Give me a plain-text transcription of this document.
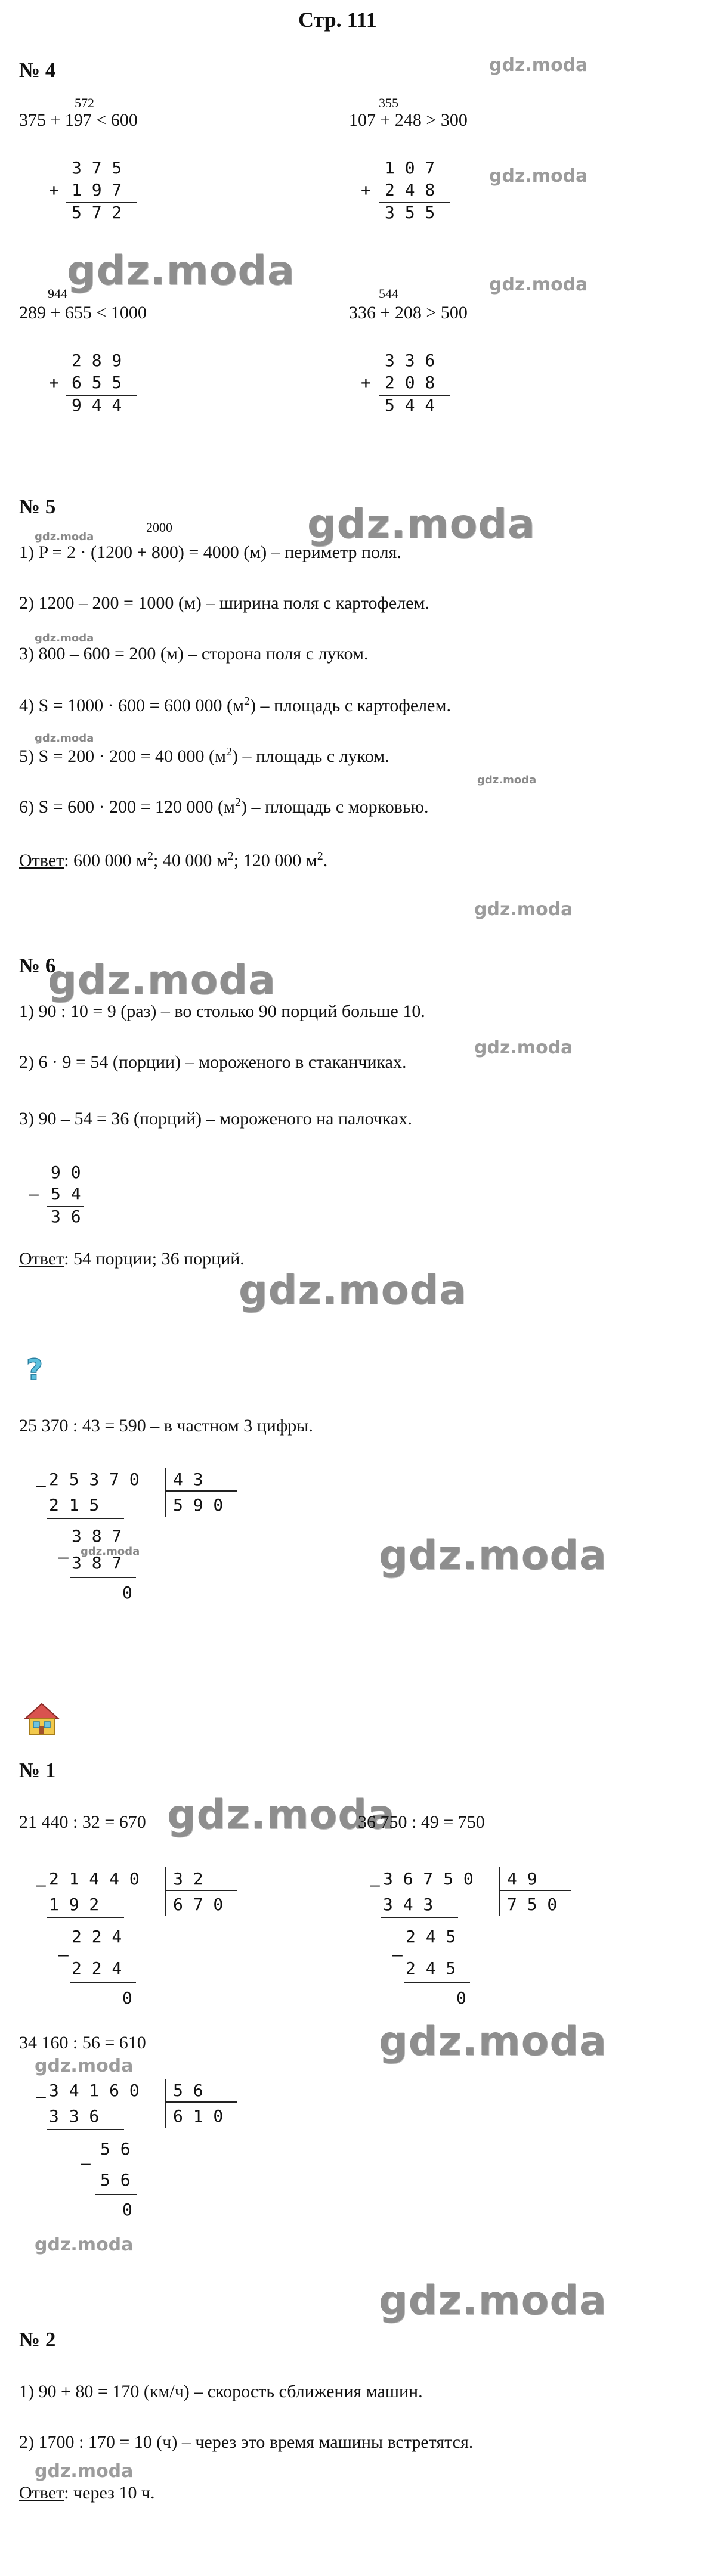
Стр. 111
№ 4	gdz.moda
572
375 + 197 < 600
3 7 5
+ 1 9 7
5 7 2
355
107 + 248 > 300
gdz.moda
1 0 7
+ 2 4 8
3 5 5
gdz.moda	gdz.moda
944
289 + 655 < 1000
2 8 9
+ 6 5 5
9 4 4
544
336 + 208 > 500
3 3 6
+ 2 0 8
5 4 4
№ 5	gdz.moda
gdz.moda
2000
1) P = 2 · (1200 + 800) = 4000 (м) – периметр поля.
2) 1200 – 200 = 1000 (м) – ширина поля с картофелем.
gdz.moda
3) 800 – 600 = 200 (м) – сторона поля с луком.
4) S = 1000 · 600 = 600 000 $(м^2)$ – площадь с картофелем.
gdz.moda
5) S = 200 · 200 = 40 000 $(м^2)$ – площадь с луком.
gdz.moda
6) S = 600 · 200 = 120 000 $(м^2)$ – площадь с морковью.
Ответ: 600 000 $м^2$; 40 000 $м^2$; 120 000 $м^2$.
gdz.moda
№ 6
gdz.moda
1) 90 : 10 = 9 (раз) – во столько 90 порций больше 10.
gdz.moda
2) 6 · 9 = 54 (порции) – мороженого в стаканчиках.
3) 90 – 54 = 36 (порций) – мороженого на палочках.
9 0
– 5 4
3 6
Ответ: 54 порции; 36 порций.
gdz.moda
?
25 370 : 43 = 590 – в частном 3 цифры.
– 2 5 3 7 0 4 3
5 9 0
2 1 5
–
3 8 7
gdz.moda
3 8 7
0
gdz.moda
№ 1
21 440 : 32 = 670 gdz.moda
36 750 : 49 = 750
– 2 1 4 4 0 3 2
6 7 0
1 9 2
–
2 2 4
2 2 4
0
– 3 6 7 5 0 4 9
7 5 0
3 4 3
–
2 4 5
2 4 5
0
34 160 : 56 = 610	gdz.moda
gdz.moda
– 3 4 1 6 0 5 6
6 1 0
3 3 6
–
5 6
5 6
0
gdz.moda
gdz.moda
№ 2
1) 90 + 80 = 170 (км/ч) – скорость сближения машин.
2) 1700 : 170 = 10 (ч) – через это время машины встретятся.
gdz.moda
Ответ: через 10 ч.
